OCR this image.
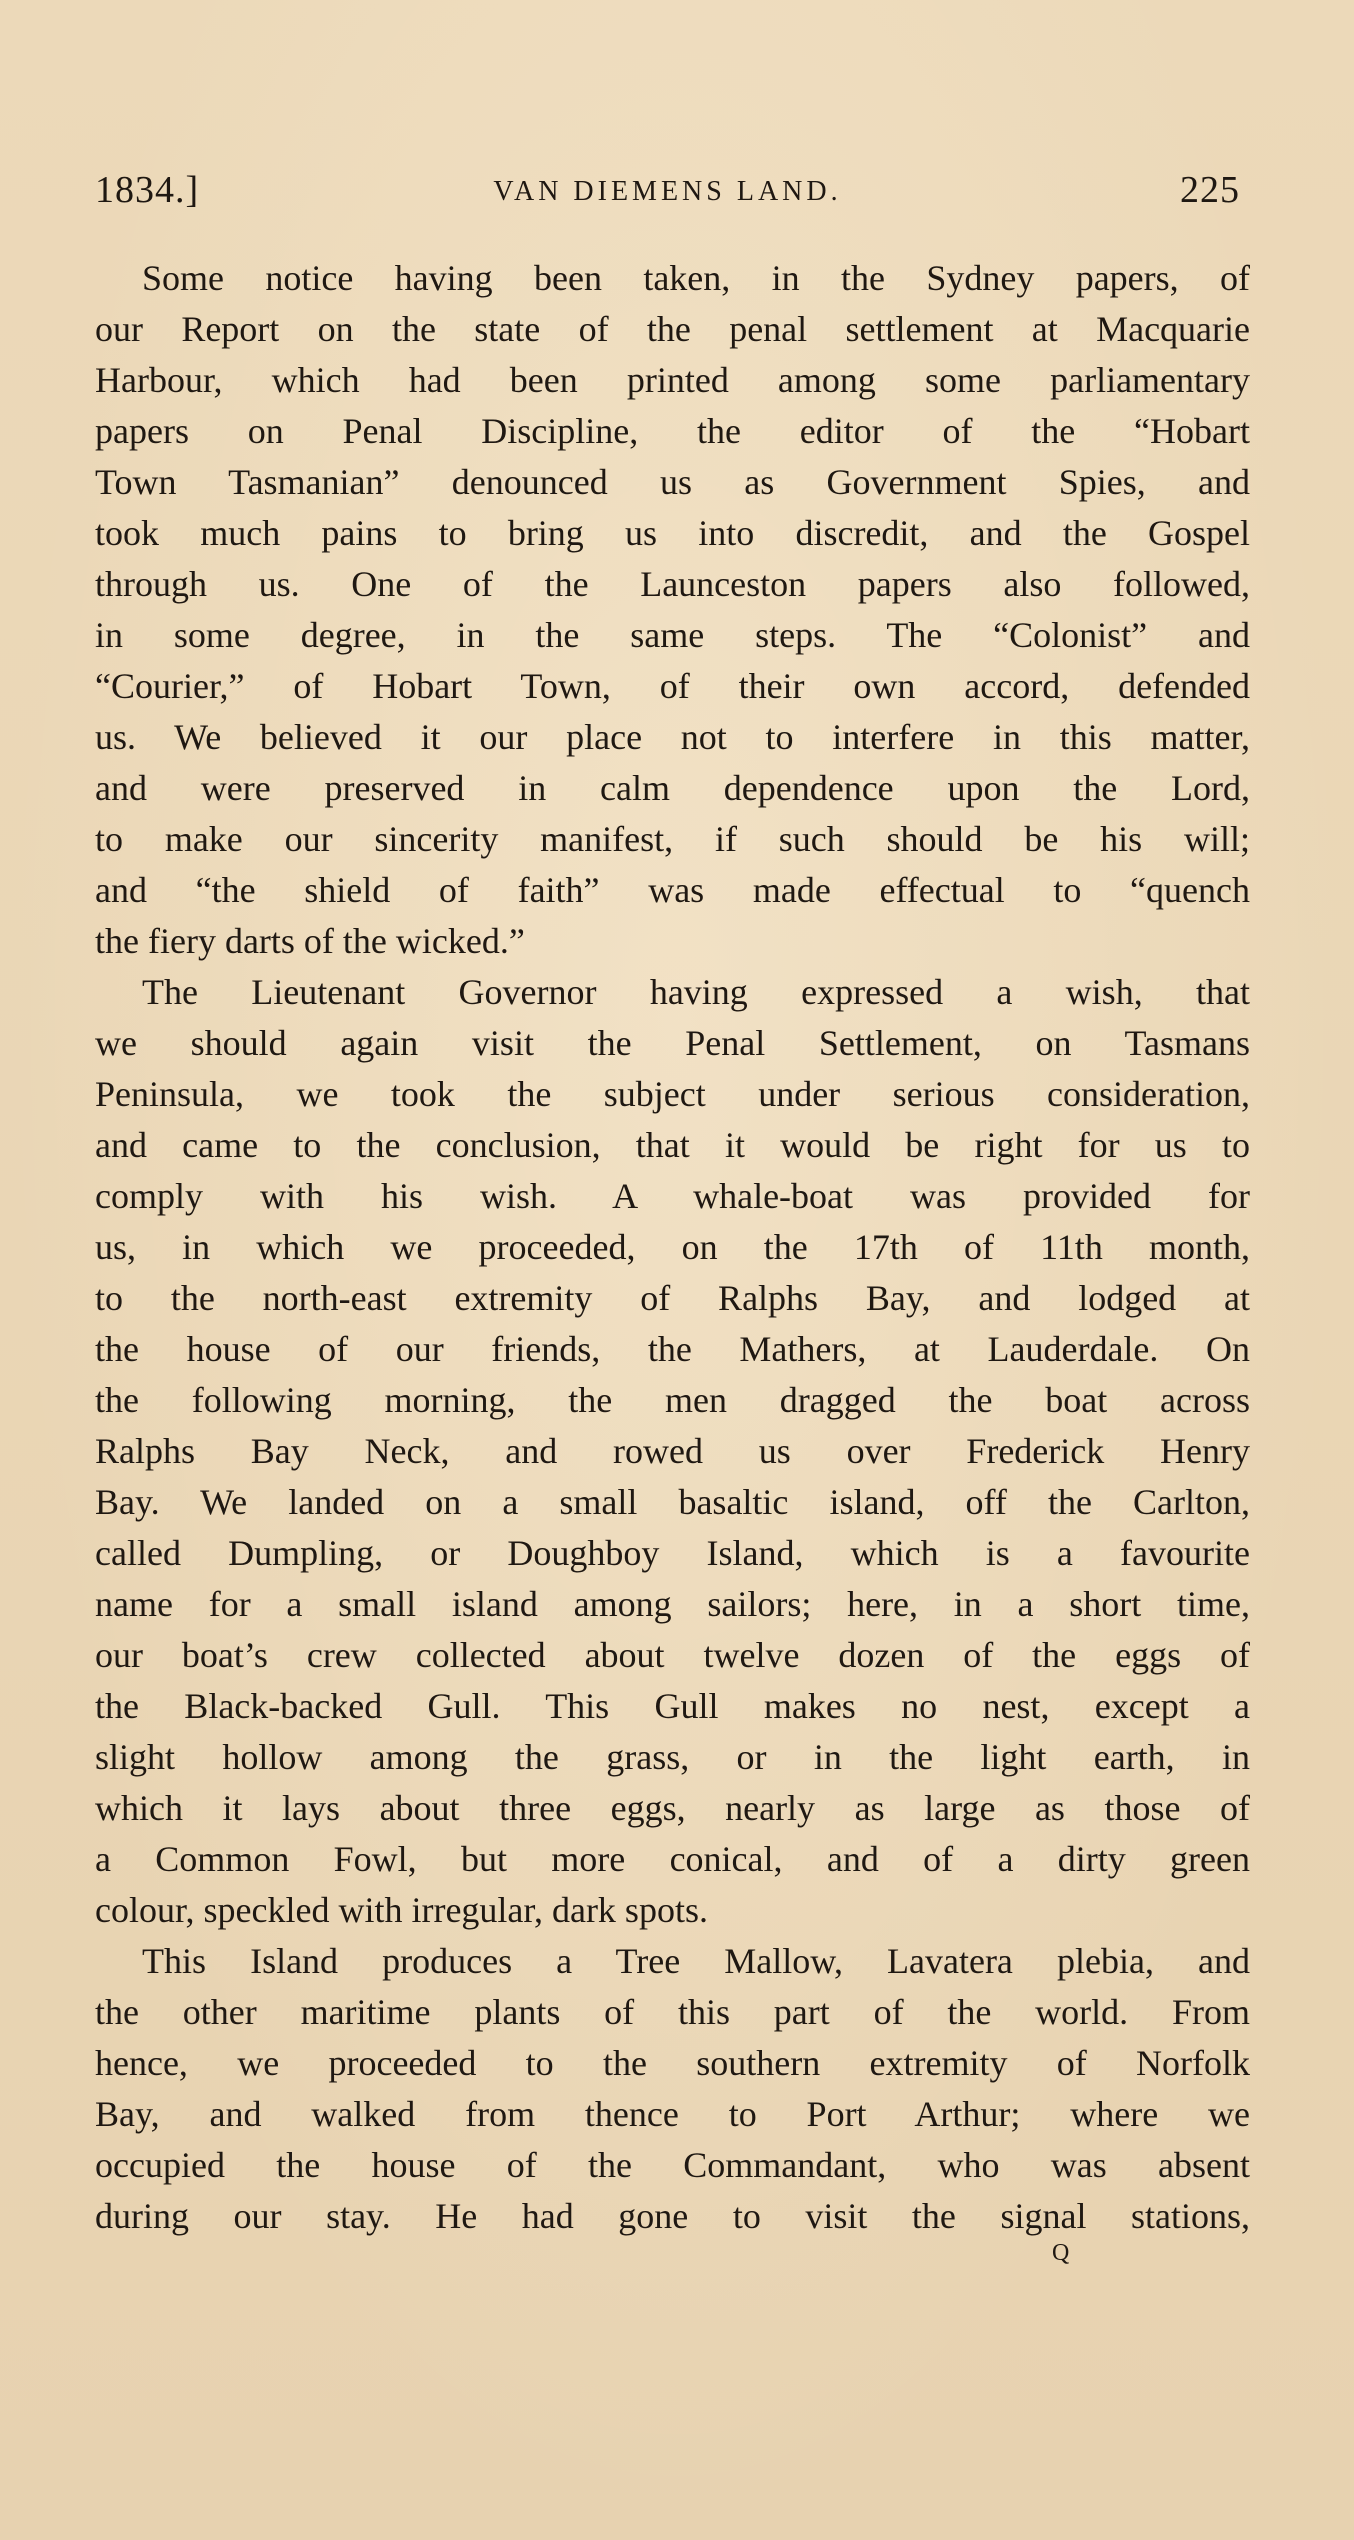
1834.]	VAN DIEMENS LAND.	225
Some notice having been taken, in the Sydney papers, of
our Report on the state of the penal settlement at Macquarie
Harbour, which had been printed among some parliamentary
papers on Penal Discipline, the editor of the “Hobart
Town Tasmanian” denounced us as Government Spies, and
took much pains to bring us into discredit, and the Gospel
through us. One of the Launceston papers also followed,
in some degree, in the same steps. The “Colonist” and
“Courier,” of Hobart Town, of their own accord, defended
us. We believed it our place not to interfere in this matter,
and were preserved in calm dependence upon the Lord,
to make our sincerity manifest, if such should be his will;
and “the shield of faith” was made effectual to “quench
the fiery darts of the wicked.”
The Lieutenant Governor having expressed a wish, that
we should again visit the Penal Settlement, on Tasmans
Peninsula, we took the subject under serious consideration,
and came to the conclusion, that it would be right for us to
comply with his wish. A whale-boat was provided for
us, in which we proceeded, on the 17th of 11th month,
to the north-east extremity of Ralphs Bay, and lodged at
the house of our friends, the Mathers, at Lauderdale. On
the following morning, the men dragged the boat across
Ralphs Bay Neck, and rowed us over Frederick Henry
Bay. We landed on a small basaltic island, off the Carlton,
called Dumpling, or Doughboy Island, which is a favourite
name for a small island among sailors; here, in a short time,
our boat’s crew collected about twelve dozen of the eggs of
the Black-backed Gull. This Gull makes no nest, except a
slight hollow among the grass, or in the light earth, in
which it lays about three eggs, nearly as large as those of
a Common Fowl, but more conical, and of a dirty green
colour, speckled with irregular, dark spots.
This Island produces a Tree Mallow, Lavatera plebia, and
the other maritime plants of this part of the world. From
hence, we proceeded to the southern extremity of Norfolk
Bay, and walked from thence to Port Arthur; where we
occupied the house of the Commandant, who was absent
during our stay. He had gone to visit the signal stations,
Q
